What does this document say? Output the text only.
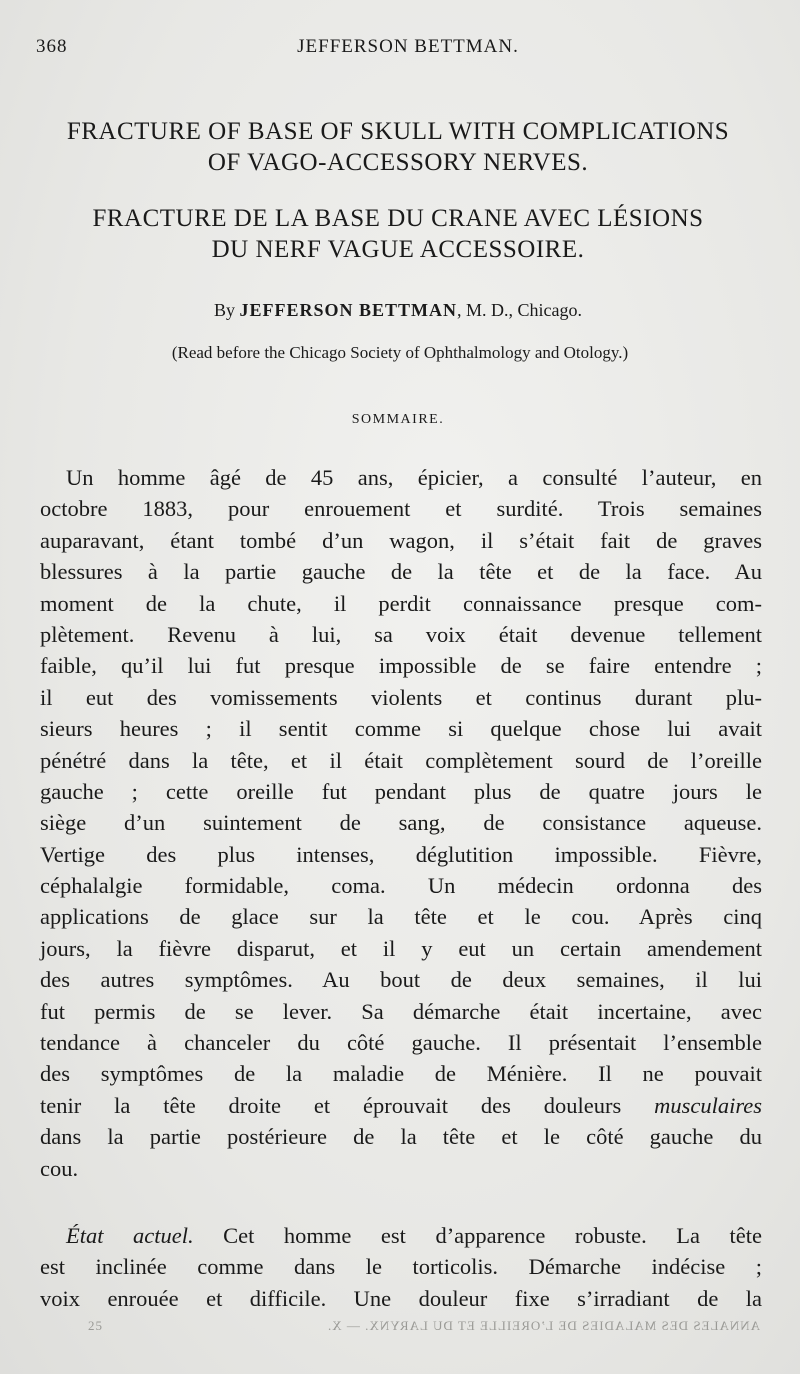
368	JEFFERSON BETTMAN.
FRACTURE OF BASE OF SKULL WITH COMPLICATIONS
OF VAGO-ACCESSORY NERVES.
FRACTURE DE LA BASE DU CRANE AVEC LÉSIONS
DU NERF VAGUE ACCESSOIRE.
By JEFFERSON BETTMAN, M. D., Chicago.
(Read before the Chicago Society of Ophthalmology and Otology.)
SOMMAIRE.
Un homme âgé de 45 ans, épicier, a consulté l’auteur, en
octobre 1883, pour enrouement et surdité. Trois semaines
auparavant, étant tombé d’un wagon, il s’était fait de graves
blessures à la partie gauche de la tête et de la face. Au
moment de la chute, il perdit connaissance presque com-
plètement. Revenu à lui, sa voix était devenue tellement
faible, qu’il lui fut presque impossible de se faire entendre ;
il eut des vomissements violents et continus durant plu-
sieurs heures ; il sentit comme si quelque chose lui avait
pénétré dans la tête, et il était complètement sourd de l’oreille
gauche ; cette oreille fut pendant plus de quatre jours le
siège d’un suintement de sang, de consistance aqueuse.
Vertige des plus intenses, déglutition impossible. Fièvre,
céphalalgie formidable, coma. Un médecin ordonna des
applications de glace sur la tête et le cou. Après cinq
jours, la fièvre disparut, et il y eut un certain amendement
des autres symptômes. Au bout de deux semaines, il lui
fut permis de se lever. Sa démarche était incertaine, avec
tendance à chanceler du côté gauche. Il présentait l’ensemble
des symptômes de la maladie de Ménière. Il ne pouvait
tenir la tête droite et éprouvait des douleurs musculaires
dans la partie postérieure de la tête et le côté gauche du
cou.
État actuel. Cet homme est d’apparence robuste. La tête
est inclinée comme dans le torticolis. Démarche indécise ;
voix enrouée et difficile. Une douleur fixe s’irradiant de la
25	ANNALES DES MALADIES DE L’OREILLE ET DU LARYNX. — X.
